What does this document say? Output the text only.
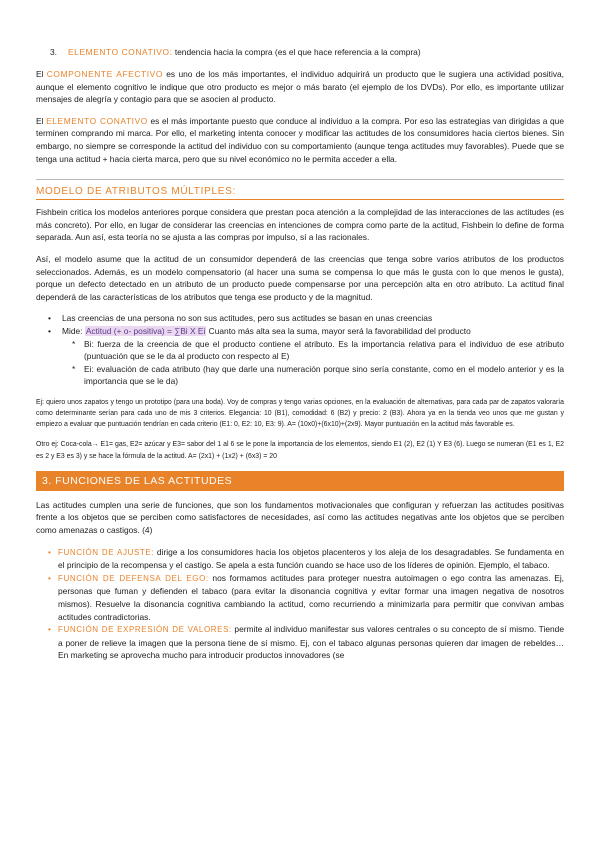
3. ELEMENTO CONATIVO: tendencia hacia la compra (es el que hace referencia a la compra)

El COMPONENTE AFECTIVO es uno de los más importantes, el individuo adquirirá un producto que le sugiera una actividad positiva, aunque el elemento cognitivo le indique que otro producto es mejor o más barato (el ejemplo de los DVDs). Por ello, es importante utilizar mensajes de alegría y contagio para que se asocien al producto.

El ELEMENTO CONATIVO es el más importante puesto que conduce al individuo a la compra. Por eso las estrategias van dirigidas a que terminen comprando mi marca. Por ello, el marketing intenta conocer y modificar las actitudes de los consumidores hacia ciertos bienes. Sin embargo, no siempre se corresponde la actitud del individuo con su comportamiento (aunque tenga actitudes muy favorables). Puede que se tenga una actitud + hacia cierta marca, pero que su nivel económico no le permita acceder a ella.

MODELO DE ATRIBUTOS MÚLTIPLES:

Fishbein critica los modelos anteriores porque considera que prestan poca atención a la complejidad de las interacciones de las actitudes (es más concreto). Por ello, en lugar de considerar las creencias en intenciones de compra como parte de la actitud, Fishbein lo define de forma separada. Aun así, esta teoría no se ajusta a las compras por impulso, sí a las racionales.

Así, el modelo asume que la actitud de un consumidor dependerá de las creencias que tenga sobre varios atributos de los productos seleccionados. Además, es un modelo compensatorio (al hacer una suma se compensa lo que más le gusta con lo que menos le gusta), porque un defecto detectado en un atributo de un producto puede compensarse por una percepción alta en otro atributo. La actitud final dependerá de las características de los atributos que tenga ese producto y de la magnitud.

• Las creencias de una persona no son sus actitudes, pero sus actitudes se basan en unas creencias
• Mide: Actitud (+ o- positiva) = ∑Bi X Ei Cuanto más alta sea la suma, mayor será la favorabilidad del producto
* Bi: fuerza de la creencia de que el producto contiene el atributo. Es la importancia relativa para el individuo de ese atributo (puntuación que se le da al producto con respecto al E)
* Ei: evaluación de cada atributo (hay que darle una numeración porque sino sería constante, como en el modelo anterior y es la importancia que se le da)

Ej: quiero unos zapatos y tengo un prototipo (para una boda). Voy de compras y tengo varias opciones, en la evaluación de alternativas, para cada par de zapatos valoraría como determinante serían para cada uno de mis 3 criterios. Elegancia: 10 (B1), comodidad: 6 (B2) y precio: 2 (B3). Ahora ya en la tienda veo unos que me gustan y empiezo a evaluar que puntuación tendrían en cada criterio (E1: 0, E2: 10, E3: 9). A= (10x0)+(6x10)+(2x9). Mayor puntuación en la actitud más favorable es.

Otro ej: Coca-cola→ E1= gas, E2= azúcar y E3= sabor del 1 al 6 se le pone la importancia de los elementos, siendo E1 (2), E2 (1) Y E3 (6). Luego se numeran (E1 es 1, E2 es 2 y E3 es 3) y se hace la fórmula de la actitud. A= (2x1) + (1x2) + (6x3) = 20

3. FUNCIONES DE LAS ACTITUDES

Las actitudes cumplen una serie de funciones, que son los fundamentos motivacionales que configuran y refuerzan las actitudes positivas frente a los objetos que se perciben como satisfactores de necesidades, así como las actitudes negativas ante los objetos que se perciben como amenazas o castigos. (4)

• FUNCIÓN DE AJUSTE: dirige a los consumidores hacia los objetos placenteros y los aleja de los desagradables. Se fundamenta en el principio de la recompensa y el castigo. Se apela a esta función cuando se hace uso de los líderes de opinión. Ejemplo, el tabaco.
• FUNCIÓN DE DEFENSA DEL EGO: nos formamos actitudes para proteger nuestra autoimagen o ego contra las amenazas. Ej, personas que fuman y defienden el tabaco (para evitar la disonancia cognitiva y evitar formar una imagen negativa de nosotros mismos). Resuelve la disonancia cognitiva cambiando la actitud, como recurriendo a minimizarla para permitir que convivan ambas actitudes contradictorias.
• FUNCIÓN DE EXPRESIÓN DE VALORES: permite al individuo manifestar sus valores centrales o su concepto de sí mismo. Tiende a poner de relieve la imagen que la persona tiene de sí mismo. Ej, con el tabaco algunas personas quieren dar imagen de rebeldes… En marketing se aprovecha mucho para introducir productos innovadores (se
